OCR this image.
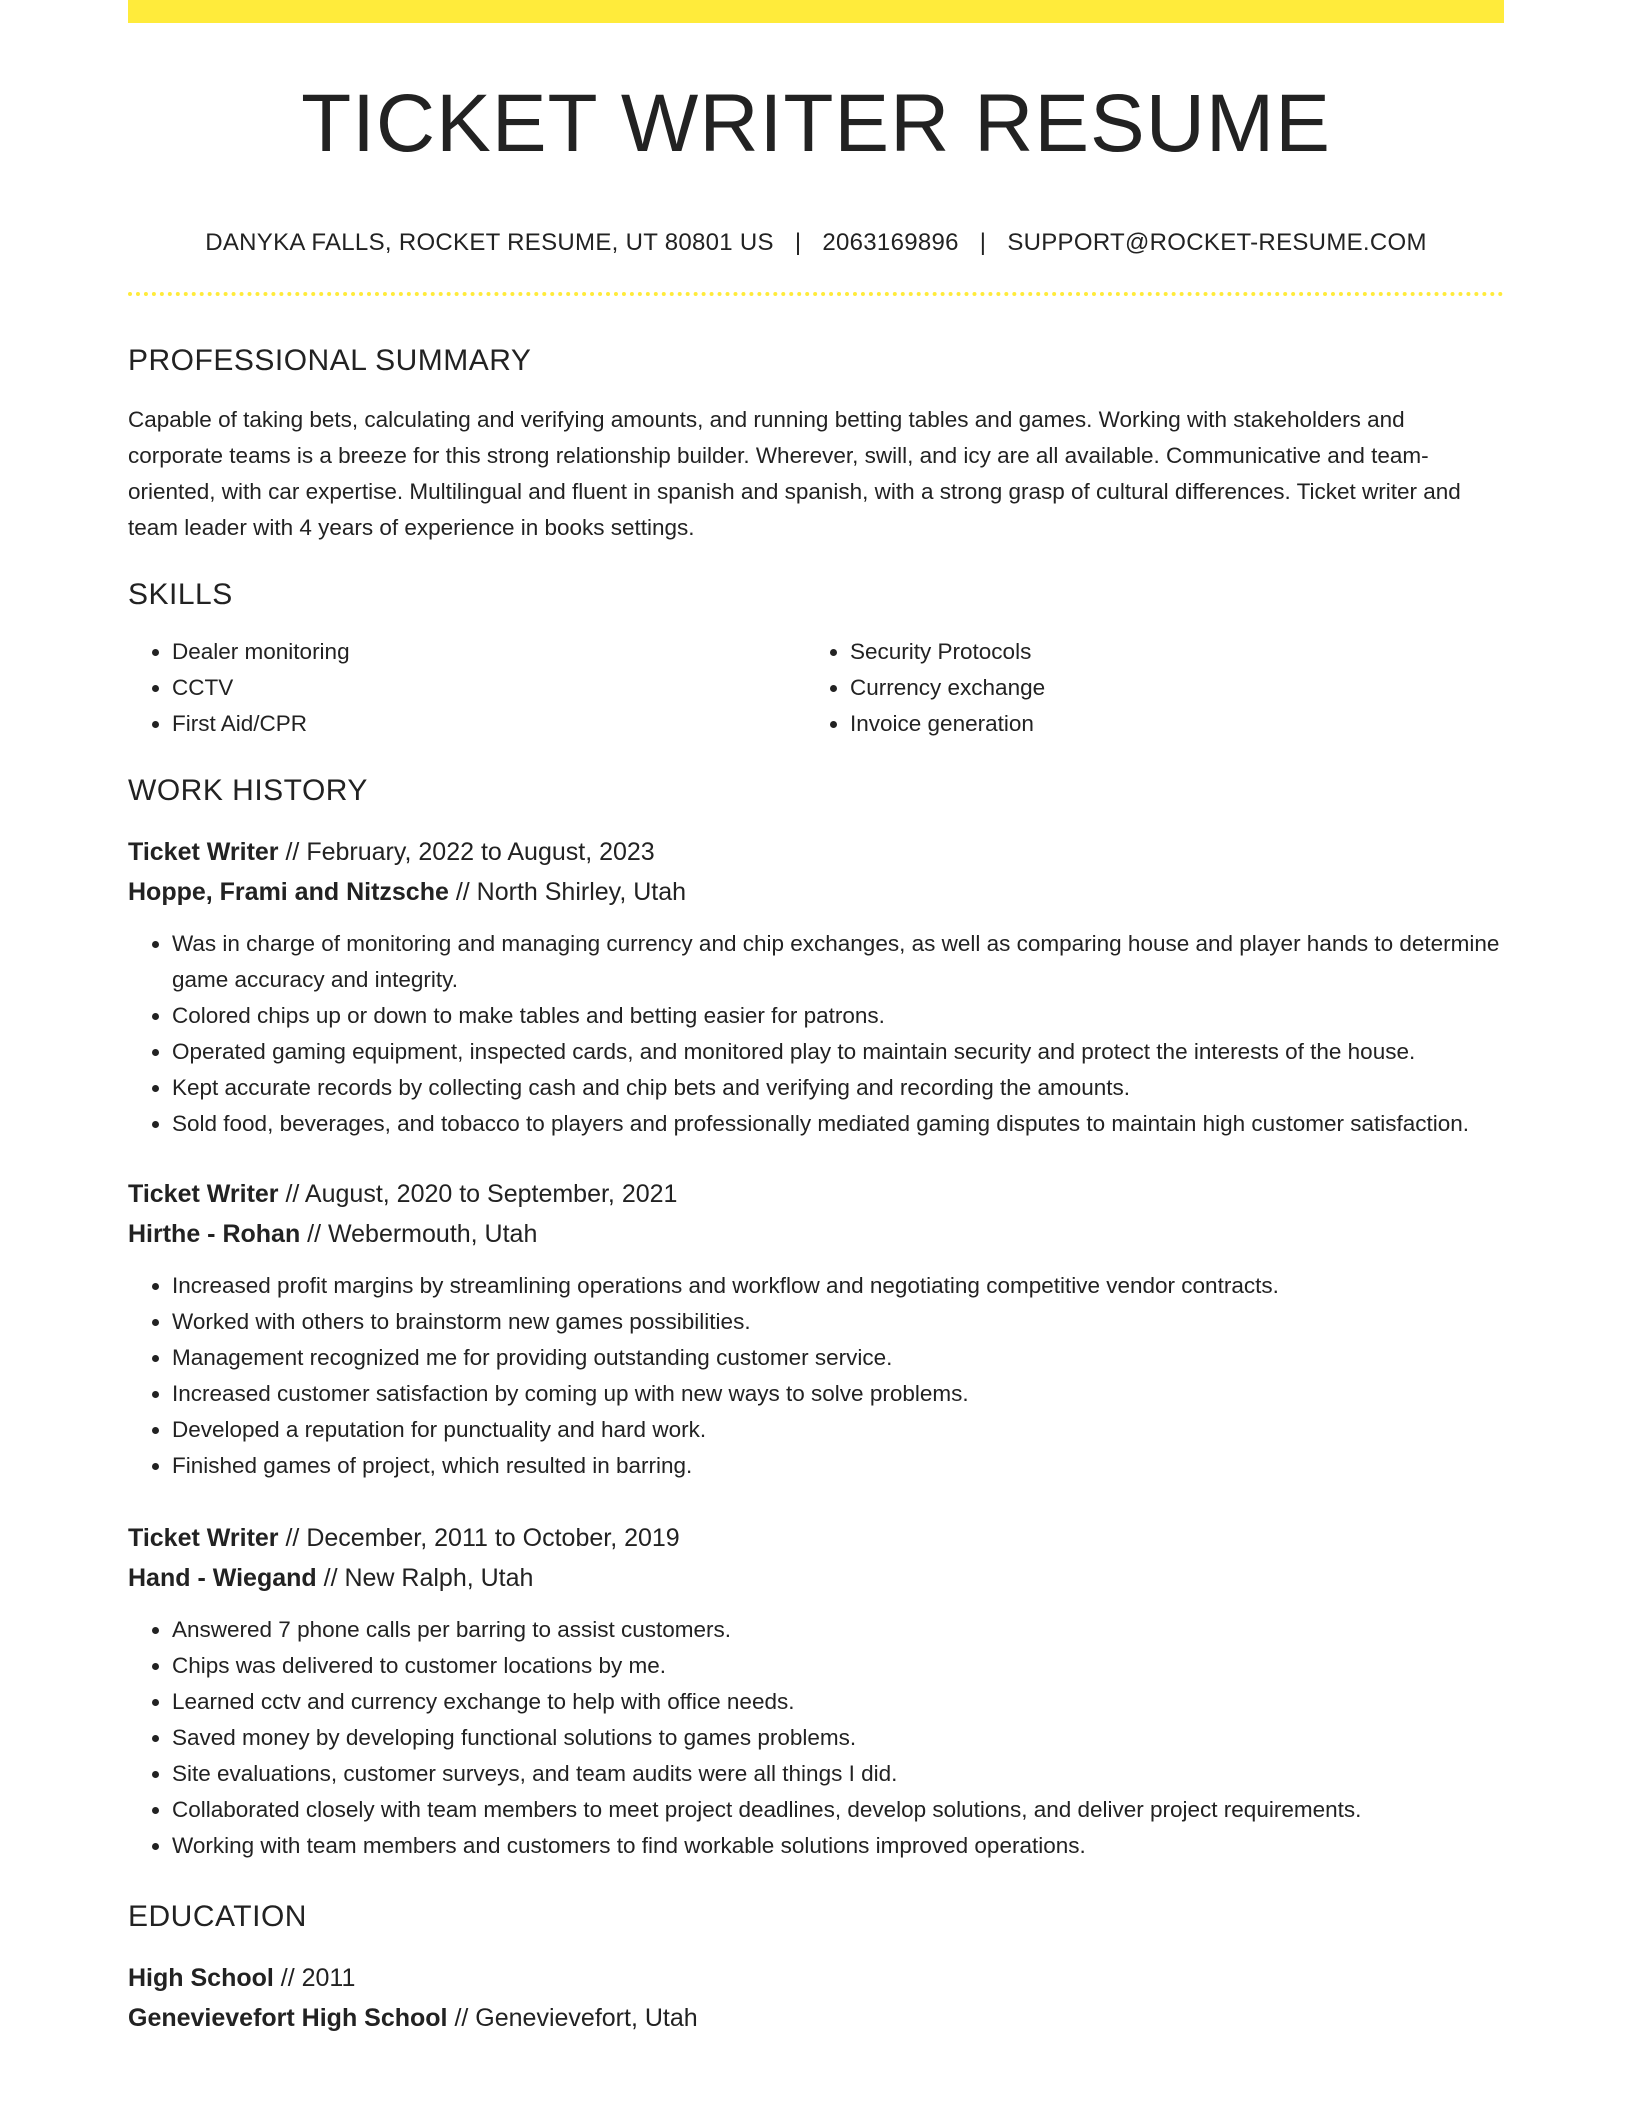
TICKET WRITER RESUME
DANYKA FALLS, ROCKET RESUME, UT 80801 US | 2063169896 | SUPPORT@ROCKET-RESUME.COM
PROFESSIONAL SUMMARY
Capable of taking bets, calculating and verifying amounts, and running betting tables and games. Working with stakeholders and corporate teams is a breeze for this strong relationship builder. Wherever, swill, and icy are all available. Communicative and team-oriented, with car expertise. Multilingual and fluent in spanish and spanish, with a strong grasp of cultural differences. Ticket writer and team leader with 4 years of experience in books settings.
SKILLS
• Dealer monitoring
• CCTV
• First Aid/CPR
• Security Protocols
• Currency exchange
• Invoice generation
WORK HISTORY
Ticket Writer // February, 2022 to August, 2023
Hoppe, Frami and Nitzsche // North Shirley, Utah
• Was in charge of monitoring and managing currency and chip exchanges, as well as comparing house and player hands to determine game accuracy and integrity.
• Colored chips up or down to make tables and betting easier for patrons.
• Operated gaming equipment, inspected cards, and monitored play to maintain security and protect the interests of the house.
• Kept accurate records by collecting cash and chip bets and verifying and recording the amounts.
• Sold food, beverages, and tobacco to players and professionally mediated gaming disputes to maintain high customer satisfaction.
Ticket Writer // August, 2020 to September, 2021
Hirthe - Rohan // Webermouth, Utah
• Increased profit margins by streamlining operations and workflow and negotiating competitive vendor contracts.
• Worked with others to brainstorm new games possibilities.
• Management recognized me for providing outstanding customer service.
• Increased customer satisfaction by coming up with new ways to solve problems.
• Developed a reputation for punctuality and hard work.
• Finished games of project, which resulted in barring.
Ticket Writer // December, 2011 to October, 2019
Hand - Wiegand // New Ralph, Utah
• Answered 7 phone calls per barring to assist customers.
• Chips was delivered to customer locations by me.
• Learned cctv and currency exchange to help with office needs.
• Saved money by developing functional solutions to games problems.
• Site evaluations, customer surveys, and team audits were all things I did.
• Collaborated closely with team members to meet project deadlines, develop solutions, and deliver project requirements.
• Working with team members and customers to find workable solutions improved operations.
EDUCATION
High School // 2011
Genevievefort High School // Genevievefort, Utah
